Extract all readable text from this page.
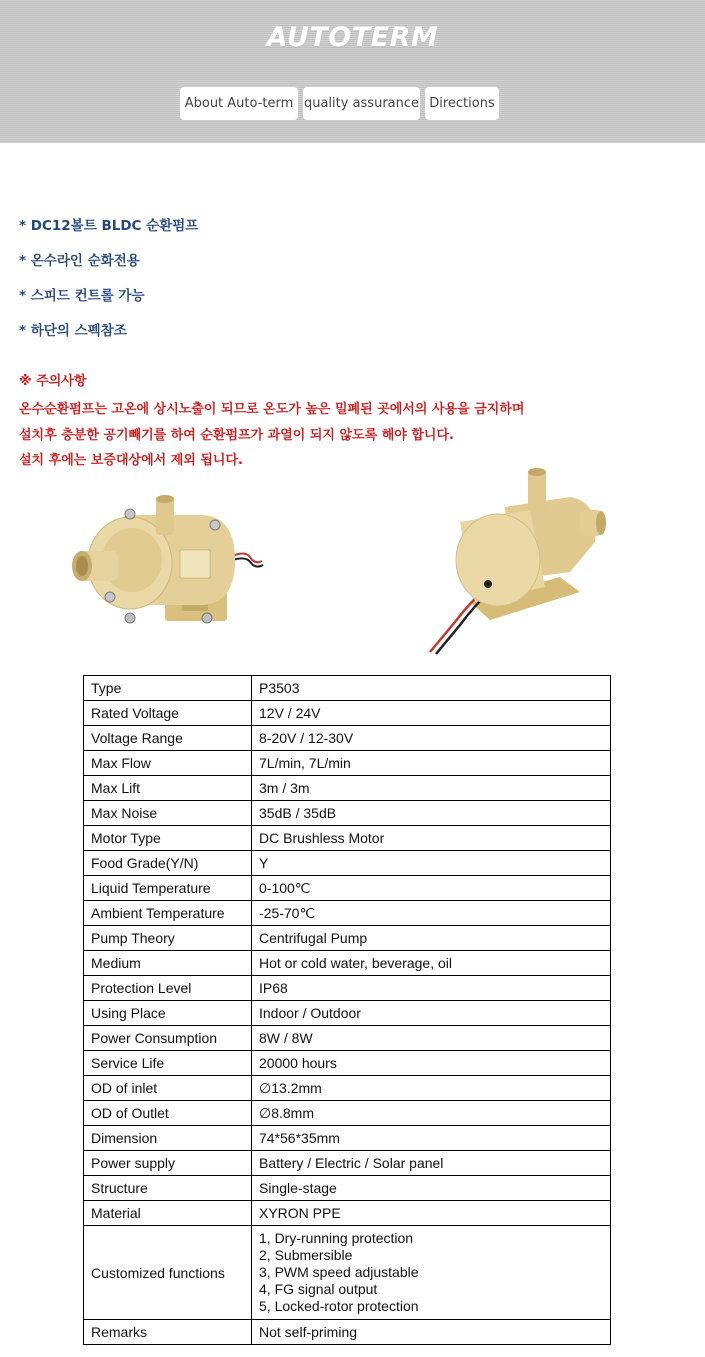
AUTOTERM
About Auto-term quality assurance Directions
* DC12볼트 BLDC 순환펌프
* 온수라인 순화전용
* 스피드 컨트롤 가능
* 하단의 스펙참조
※ 주의사항
온수순환펌프는 고온에 상시노출이 되므로 온도가 높은 밀폐된 곳에서의 사용을 금지하며
설치후 충분한 공기빼기를 하여 순환펌프가 과열이 되지 않도록 해야 합니다.
설치 후에는 보증대상에서 제외 됩니다.
Type	P3503
Rated Voltage	12V / 24V
Voltage Range	8-20V / 12-30V
Max Flow	7L/min, 7L/min
Max Lift	3m / 3m
Max Noise	35dB / 35dB
Motor Type	DC Brushless Motor
Food Grade(Y/N)	Y
Liquid Temperature	0-100℃
Ambient Temperature	-25-70℃
Pump Theory	Centrifugal Pump
Medium	Hot or cold water, beverage, oil
Protection Level	IP68
Using Place	Indoor / Outdoor
Power Consumption	8W / 8W
Service Life	20000 hours
OD of inlet	∅13.2mm
OD of Outlet	∅8.8mm
Dimension	74*56*35mm
Power supply	Battery / Electric / Solar panel
Structure	Single-stage
Material	XYRON PPE
Customized functions	1, Dry-running protection
2, Submersible
3, PWM speed adjustable
4, FG signal output
5, Locked-rotor protection

Remarks	Not self-priming
